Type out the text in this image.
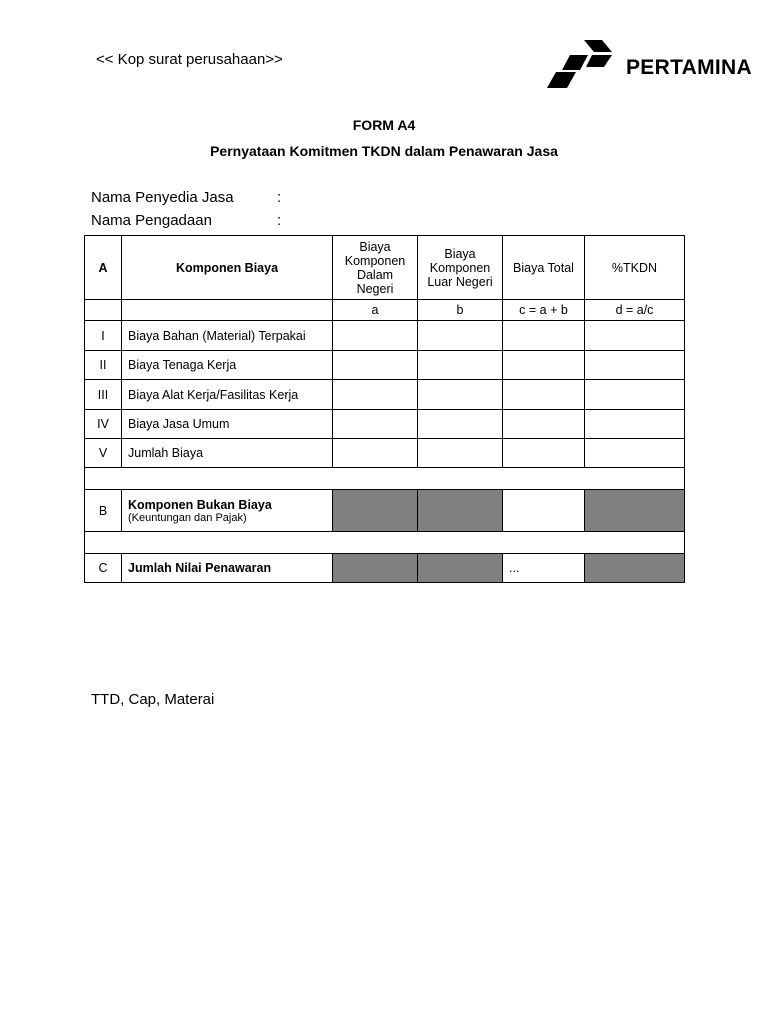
<< Kop surat perusahaan>>	PERTAMINA
FORM A4
Pernyataan Komitmen TKDN dalam Penawaran Jasa
Nama Penyedia Jasa	:
Nama Pengadaan	:
A	Komponen Biaya	Biaya Komponen Dalam Negeri	Biaya Komponen Luar Negeri	Biaya Total	%TKDN
		a	b	c = a + b	d = a/c
I	Biaya Bahan (Material) Terpakai				
II	Biaya Tenaga Kerja				
III	Biaya Alat Kerja/Fasilitas Kerja				
IV	Biaya Jasa Umum				
V	Jumlah Biaya				

B	Komponen Bukan Biaya
(Keuntungan dan Pajak)				

C	Jumlah Nilai Penawaran			...	
TTD, Cap, Materai
